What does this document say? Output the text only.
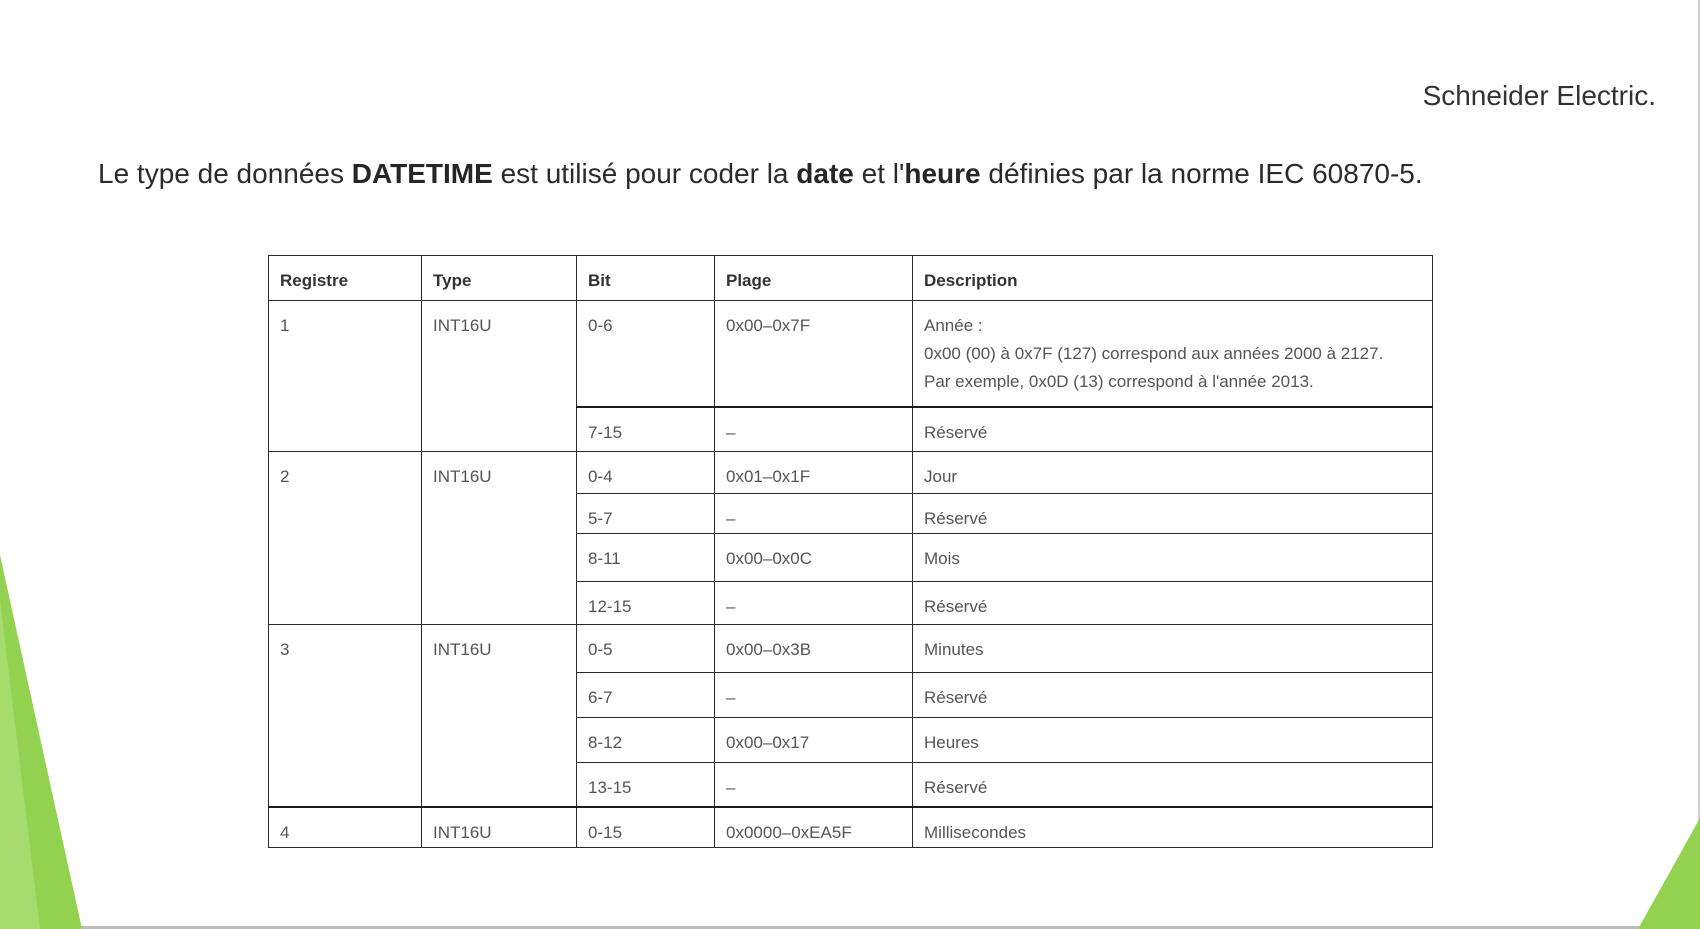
Schneider Electric.
Le type de données DATETIME est utilisé pour coder la date et l'heure définies par la norme IEC 60870-5.
Registre	Type	Bit	Plage	Description
1	INT16U	0-6	0x00–0x7F	Année :
0x00 (00) à 0x7F (127) correspond aux années 2000 à 2127.
Par exemple, 0x0D (13) correspond à l'année 2013.

		7-15	–	Réservé
2	INT16U	0-4	0x01–0x1F	Jour
		5-7	–	Réservé
		8-11	0x00–0x0C	Mois
		12-15	–	Réservé
3	INT16U	0-5	0x00–0x3B	Minutes
		6-7	–	Réservé
		8-12	0x00–0x17	Heures
		13-15	–	Réservé
4	INT16U	0-15	0x0000–0xEA5F	Millisecondes
